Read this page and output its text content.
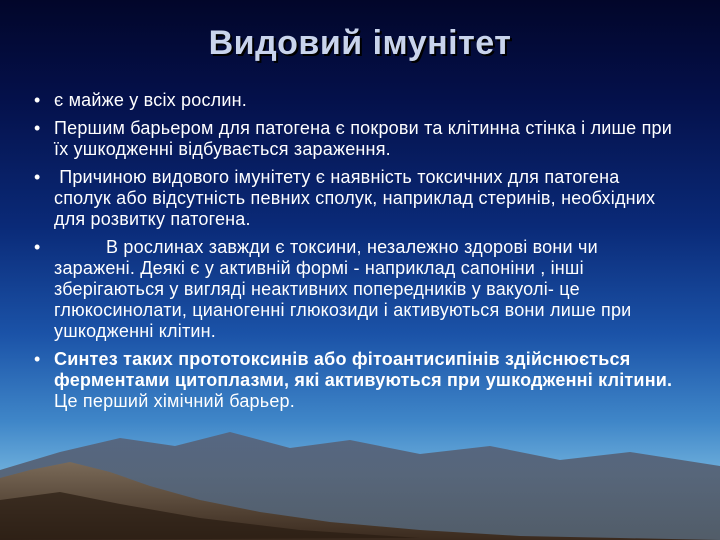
Видовий імунітет
• є майже у всіх рослин.
• Першим барьером для патогена є покрови та клітинна стінка і лише при їх ушкодженні відбувається зараження.
• Причиною видового імунітету є наявність токсичних для патогена сполук або відсутність певних сполук, наприклад стеринів, необхідних для розвитку патогена.
• В рослинах завжди є токсини, незалежно здорові вони чи заражені. Деякі є у активній формі - наприклад сапоніни , інші зберігаються у вигляді неактивних попередників у вакуолі- це глюкосинолати, цианогенні глюкозиди і активуються вони лише при ушкодженні клітин.
• Синтез таких прототоксинів або фітоантисипінів здійснюється ферментами цитоплазми, які активуються при ушкодженні клітини. Це перший хімічний барьер.
